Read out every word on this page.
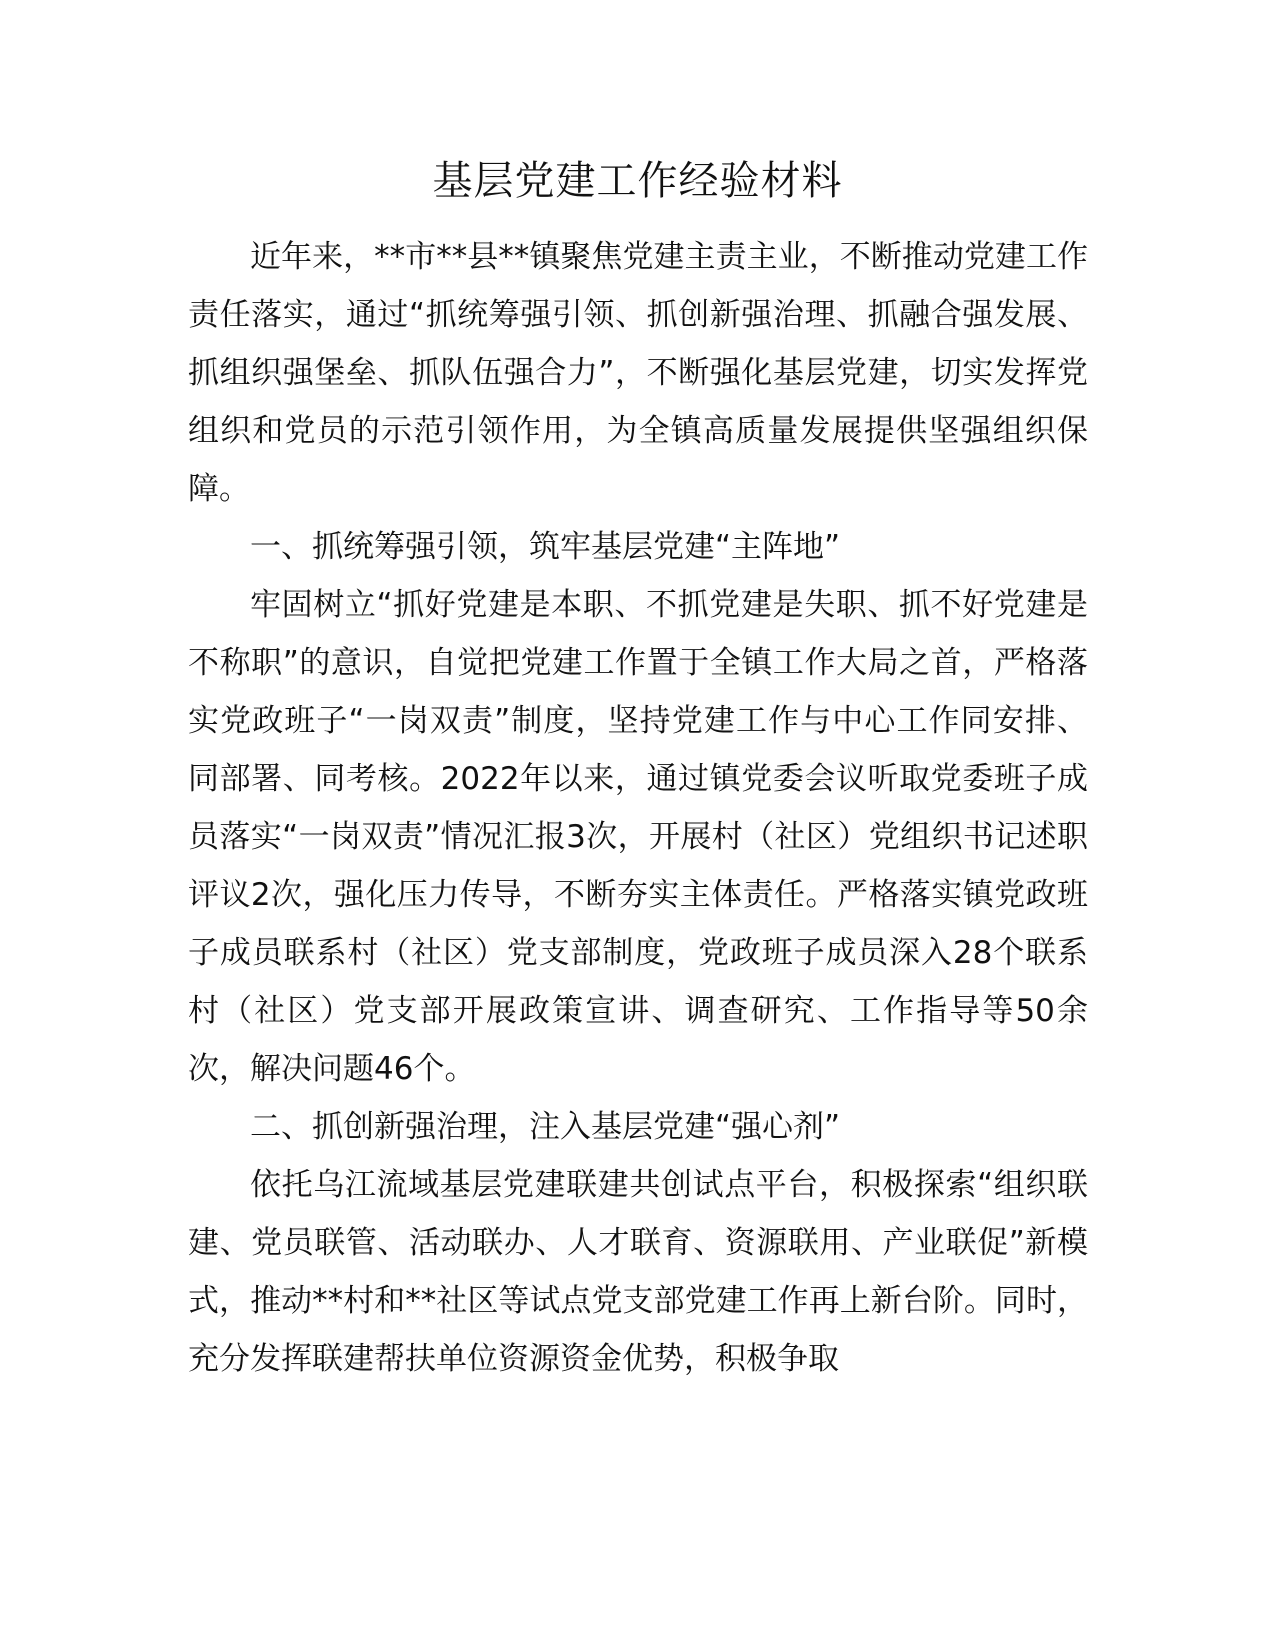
基层党建工作经验材料

近年来，**市**县**镇聚焦党建主责主业，不断推动党建工作责任落实，通过“抓统筹强引领、抓创新强治理、抓融合强发展、抓组织强堡垒、抓队伍强合力”，不断强化基层党建，切实发挥党组织和党员的示范引领作用，为全镇高质量发展提供坚强组织保障。

一、抓统筹强引领，筑牢基层党建“主阵地”

牢固树立“抓好党建是本职、不抓党建是失职、抓不好党建是不称职”的意识，自觉把党建工作置于全镇工作大局之首，严格落实党政班子“一岗双责”制度，坚持党建工作与中心工作同安排、同部署、同考核。2022年以来，通过镇党委会议听取党委班子成员落实“一岗双责”情况汇报3次，开展村（社区）党组织书记述职评议2次，强化压力传导，不断夯实主体责任。严格落实镇党政班子成员联系村（社区）党支部制度，党政班子成员深入28个联系村（社区）党支部开展政策宣讲、调查研究、工作指导等50余次，解决问题46个。

二、抓创新强治理，注入基层党建“强心剂”

依托乌江流域基层党建联建共创试点平台，积极探索“组织联建、党员联管、活动联办、人才联育、资源联用、产业联促”新模式，推动**村和**社区等试点党支部党建工作再上新台阶。同时，充分发挥联建帮扶单位资源资金优势，积极争取
